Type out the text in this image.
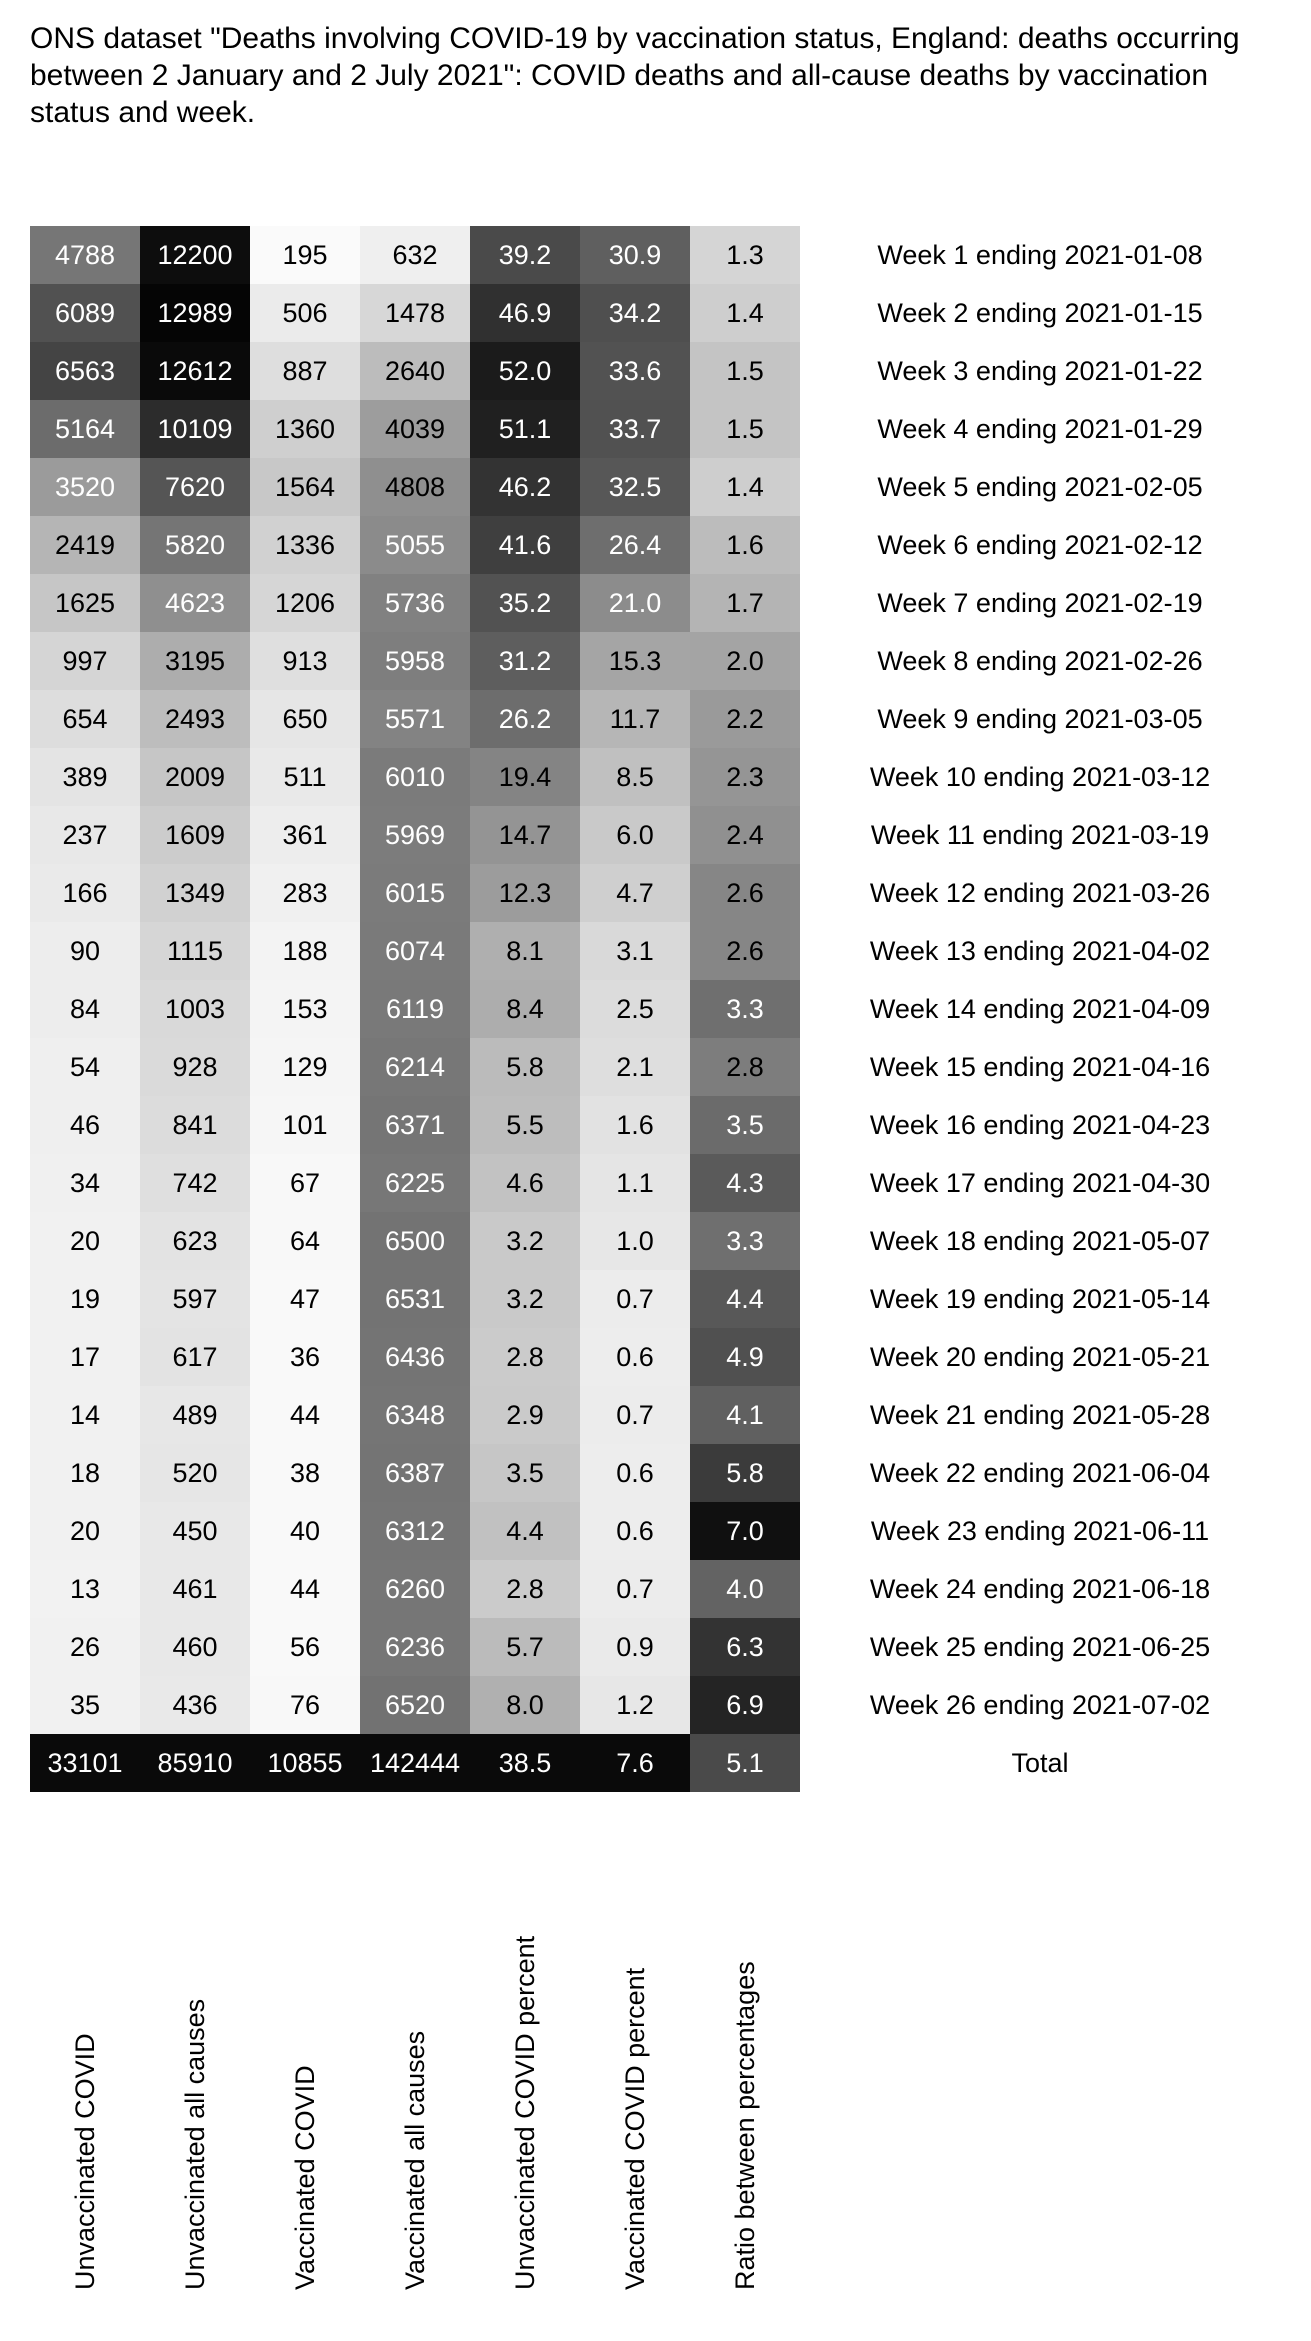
ONS dataset "Deaths involving COVID-19 by vaccination status, England: deaths occurring between 2 January and 2 July 2021": COVID deaths and all-cause deaths by vaccination status and week.
4788	12200	195	632	39.2	30.9	1.3	Week 1 ending 2021-01-08
6089	12989	506	1478	46.9	34.2	1.4	Week 2 ending 2021-01-15
6563	12612	887	2640	52.0	33.6	1.5	Week 3 ending 2021-01-22
5164	10109	1360	4039	51.1	33.7	1.5	Week 4 ending 2021-01-29
3520	7620	1564	4808	46.2	32.5	1.4	Week 5 ending 2021-02-05
2419	5820	1336	5055	41.6	26.4	1.6	Week 6 ending 2021-02-12
1625	4623	1206	5736	35.2	21.0	1.7	Week 7 ending 2021-02-19
997	3195	913	5958	31.2	15.3	2.0	Week 8 ending 2021-02-26
654	2493	650	5571	26.2	11.7	2.2	Week 9 ending 2021-03-05
389	2009	511	6010	19.4	8.5	2.3	Week 10 ending 2021-03-12
237	1609	361	5969	14.7	6.0	2.4	Week 11 ending 2021-03-19
166	1349	283	6015	12.3	4.7	2.6	Week 12 ending 2021-03-26
90	1115	188	6074	8.1	3.1	2.6	Week 13 ending 2021-04-02
84	1003	153	6119	8.4	2.5	3.3	Week 14 ending 2021-04-09
54	928	129	6214	5.8	2.1	2.8	Week 15 ending 2021-04-16
46	841	101	6371	5.5	1.6	3.5	Week 16 ending 2021-04-23
34	742	67	6225	4.6	1.1	4.3	Week 17 ending 2021-04-30
20	623	64	6500	3.2	1.0	3.3	Week 18 ending 2021-05-07
19	597	47	6531	3.2	0.7	4.4	Week 19 ending 2021-05-14
17	617	36	6436	2.8	0.6	4.9	Week 20 ending 2021-05-21
14	489	44	6348	2.9	0.7	4.1	Week 21 ending 2021-05-28
18	520	38	6387	3.5	0.6	5.8	Week 22 ending 2021-06-04
20	450	40	6312	4.4	0.6	7.0	Week 23 ending 2021-06-11
13	461	44	6260	2.8	0.7	4.0	Week 24 ending 2021-06-18
26	460	56	6236	5.7	0.9	6.3	Week 25 ending 2021-06-25
35	436	76	6520	8.0	1.2	6.9	Week 26 ending 2021-07-02
33101	85910	10855	142444	38.5	7.6	5.1	Total
Unvaccinated COVID	Unvaccinated all causes	Vaccinated COVID	Vaccinated all causes	Unvaccinated COVID percent	Vaccinated COVID percent	Ratio between percentages
